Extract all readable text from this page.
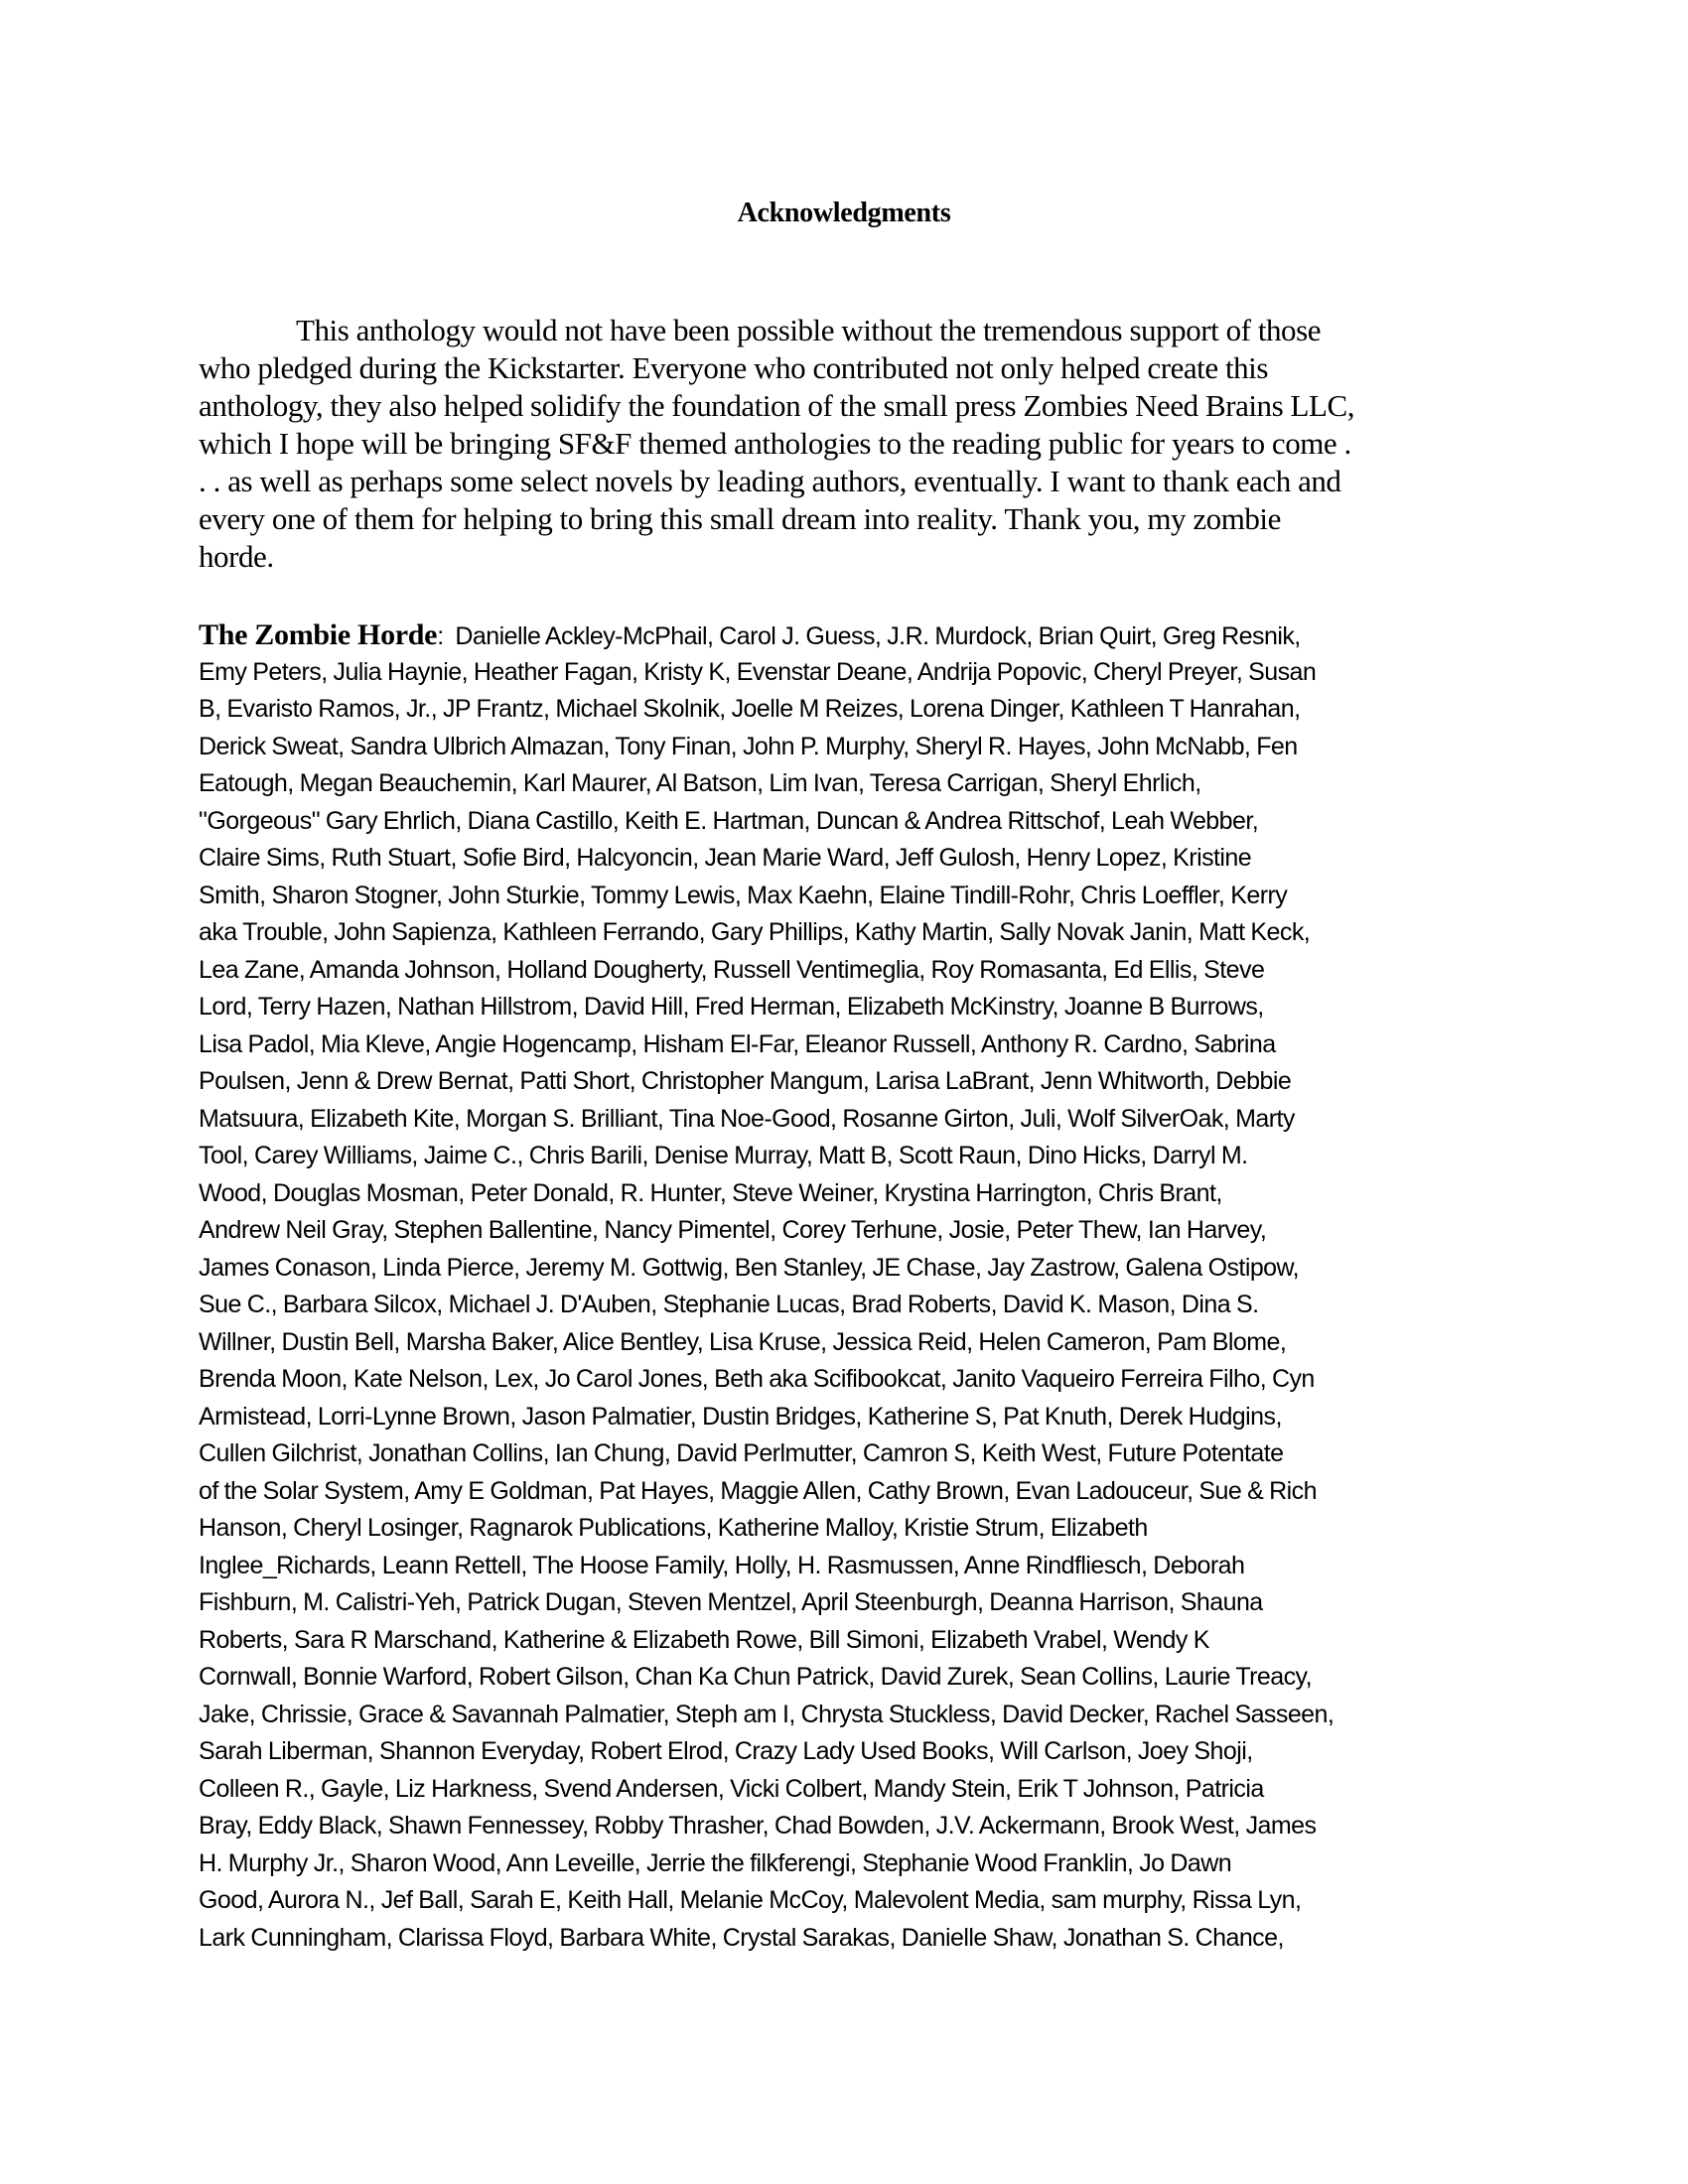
Acknowledgments
This anthology would not have been possible without the tremendous support of those
who pledged during the Kickstarter. Everyone who contributed not only helped create this
anthology, they also helped solidify the foundation of the small press Zombies Need Brains LLC,
which I hope will be bringing SF&F themed anthologies to the reading public for years to come .
. . as well as perhaps some select novels by leading authors, eventually. I want to thank each and
every one of them for helping to bring this small dream into reality. Thank you, my zombie
horde.
The Zombie Horde:  Danielle Ackley-McPhail, Carol J. Guess, J.R. Murdock, Brian Quirt, Greg Resnik,
Emy Peters, Julia Haynie, Heather Fagan, Kristy K, Evenstar Deane, Andrija Popovic, Cheryl Preyer, Susan
B, Evaristo Ramos, Jr., JP Frantz, Michael Skolnik, Joelle M Reizes, Lorena Dinger, Kathleen T Hanrahan,
Derick Sweat, Sandra Ulbrich Almazan, Tony Finan, John P. Murphy, Sheryl R. Hayes, John McNabb, Fen
Eatough, Megan Beauchemin, Karl Maurer, Al Batson, Lim Ivan, Teresa Carrigan, Sheryl Ehrlich,
"Gorgeous" Gary Ehrlich, Diana Castillo, Keith E. Hartman, Duncan & Andrea Rittschof, Leah Webber,
Claire Sims, Ruth Stuart, Sofie Bird, Halcyoncin, Jean Marie Ward, Jeff Gulosh, Henry Lopez, Kristine
Smith, Sharon Stogner, John Sturkie, Tommy Lewis, Max Kaehn, Elaine Tindill-Rohr, Chris Loeffler, Kerry
aka Trouble, John Sapienza, Kathleen Ferrando, Gary Phillips, Kathy Martin, Sally Novak Janin, Matt Keck,
Lea Zane, Amanda Johnson, Holland Dougherty, Russell Ventimeglia, Roy Romasanta, Ed Ellis, Steve
Lord, Terry Hazen, Nathan Hillstrom, David Hill, Fred Herman, Elizabeth McKinstry, Joanne B Burrows,
Lisa Padol, Mia Kleve, Angie Hogencamp, Hisham El-Far, Eleanor Russell, Anthony R. Cardno, Sabrina
Poulsen, Jenn & Drew Bernat, Patti Short, Christopher Mangum, Larisa LaBrant, Jenn Whitworth, Debbie
Matsuura, Elizabeth Kite, Morgan S. Brilliant, Tina Noe-Good, Rosanne Girton, Juli, Wolf SilverOak, Marty
Tool, Carey Williams, Jaime C., Chris Barili, Denise Murray, Matt B, Scott Raun, Dino Hicks, Darryl M.
Wood, Douglas Mosman, Peter Donald, R. Hunter, Steve Weiner, Krystina Harrington, Chris Brant,
Andrew Neil Gray, Stephen Ballentine, Nancy Pimentel, Corey Terhune, Josie, Peter Thew, Ian Harvey,
James Conason, Linda Pierce, Jeremy M. Gottwig, Ben Stanley, JE Chase, Jay Zastrow, Galena Ostipow,
Sue C., Barbara Silcox, Michael J. D'Auben, Stephanie Lucas, Brad Roberts, David K. Mason, Dina S.
Willner, Dustin Bell, Marsha Baker, Alice Bentley, Lisa Kruse, Jessica Reid, Helen Cameron, Pam Blome,
Brenda Moon, Kate Nelson, Lex, Jo Carol Jones, Beth aka Scifibookcat, Janito Vaqueiro Ferreira Filho, Cyn
Armistead, Lorri-Lynne Brown, Jason Palmatier, Dustin Bridges, Katherine S, Pat Knuth, Derek Hudgins,
Cullen Gilchrist, Jonathan Collins, Ian Chung, David Perlmutter, Camron S, Keith West, Future Potentate
of the Solar System, Amy E Goldman, Pat Hayes, Maggie Allen, Cathy Brown, Evan Ladouceur, Sue & Rich
Hanson, Cheryl Losinger, Ragnarok Publications, Katherine Malloy, Kristie Strum, Elizabeth
Inglee_Richards, Leann Rettell, The Hoose Family, Holly, H. Rasmussen, Anne Rindfliesch, Deborah
Fishburn, M. Calistri-Yeh, Patrick Dugan, Steven Mentzel, April Steenburgh, Deanna Harrison, Shauna
Roberts, Sara R Marschand, Katherine & Elizabeth Rowe, Bill Simoni, Elizabeth Vrabel, Wendy K
Cornwall, Bonnie Warford, Robert Gilson, Chan Ka Chun Patrick, David Zurek, Sean Collins, Laurie Treacy,
Jake, Chrissie, Grace & Savannah Palmatier, Steph am I, Chrysta Stuckless, David Decker, Rachel Sasseen,
Sarah Liberman, Shannon Everyday, Robert Elrod, Crazy Lady Used Books, Will Carlson, Joey Shoji,
Colleen R., Gayle, Liz Harkness, Svend Andersen, Vicki Colbert, Mandy Stein, Erik T Johnson, Patricia
Bray, Eddy Black, Shawn Fennessey, Robby Thrasher, Chad Bowden, J.V. Ackermann, Brook West, James
H. Murphy Jr., Sharon Wood, Ann Leveille, Jerrie the filkferengi, Stephanie Wood Franklin, Jo Dawn
Good, Aurora N., Jef Ball, Sarah E, Keith Hall, Melanie McCoy, Malevolent Media, sam murphy, Rissa Lyn,
Lark Cunningham, Clarissa Floyd, Barbara White, Crystal Sarakas, Danielle Shaw, Jonathan S. Chance,
